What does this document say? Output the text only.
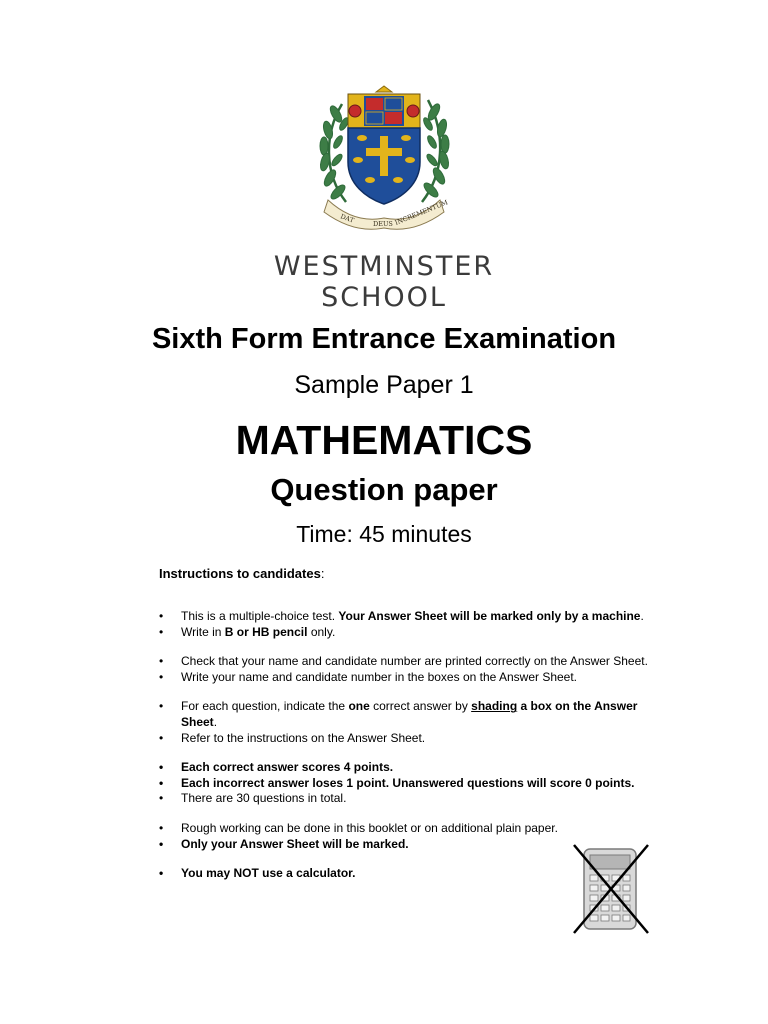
DAT	DEUS INCREMENTUM
WESTMINSTER
SCHOOL
Sixth Form Entrance Examination
Sample Paper 1
MATHEMATICS
Question paper
Time: 45 minutes
Instructions to candidates:
• This is a multiple-choice test. Your Answer Sheet will be marked only by a machine.
• Write in B or HB pencil only.
• Check that your name and candidate number are printed correctly on the Answer Sheet.
• Write your name and candidate number in the boxes on the Answer Sheet.
• For each question, indicate the one correct answer by shading a box on the Answer Sheet.
• Refer to the instructions on the Answer Sheet.
• Each correct answer scores 4 points.
• Each incorrect answer loses 1 point. Unanswered questions will score 0 points.
• There are 30 questions in total.
• Rough working can be done in this booklet or on additional plain paper.
• Only your Answer Sheet will be marked.
• You may NOT use a calculator.
